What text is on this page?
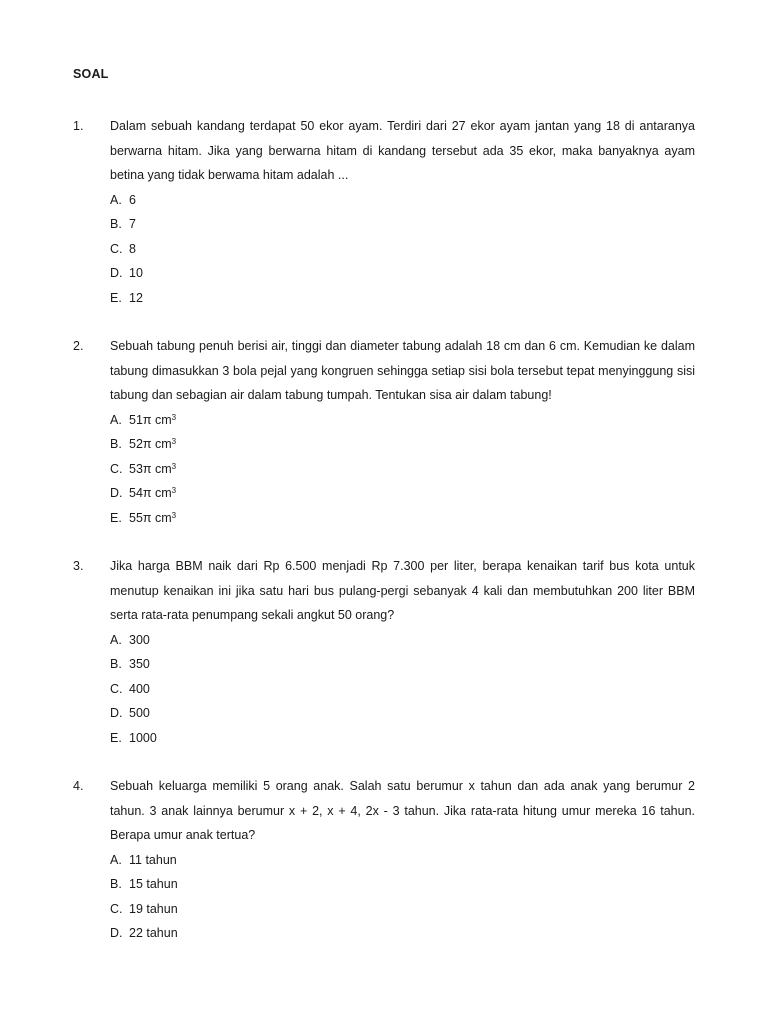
SOAL
1. Dalam sebuah kandang terdapat 50 ekor ayam. Terdiri dari 27 ekor ayam jantan yang 18 di antaranya berwarna hitam. Jika yang berwarna hitam di kandang tersebut ada 35 ekor, maka banyaknya ayam betina yang tidak berwama hitam adalah ...
A. 6
B. 7
C. 8
D. 10
E. 12
2. Sebuah tabung penuh berisi air, tinggi dan diameter tabung adalah 18 cm dan 6 cm. Kemudian ke dalam tabung dimasukkan 3 bola pejal yang kongruen sehingga setiap sisi bola tersebut tepat menyinggung sisi tabung dan sebagian air dalam tabung tumpah. Tentukan sisa air dalam tabung!
A. 51π $cm^3$
B. 52π $cm^3$
C. 53π $cm^3$
D. 54π $cm^3$
E. 55π $cm^3$
3. Jika harga BBM naik dari Rp 6.500 menjadi Rp 7.300 per liter, berapa kenaikan tarif bus kota untuk menutup kenaikan ini jika satu hari bus pulang-pergi sebanyak 4 kali dan membutuhkan 200 liter BBM serta rata-rata penumpang sekali angkut 50 orang?
A. 300
B. 350
C. 400
D. 500
E. 1000
4. Sebuah keluarga memiliki 5 orang anak. Salah satu berumur x tahun dan ada anak yang berumur 2 tahun. 3 anak lainnya berumur x + 2, x + 4, 2x - 3 tahun. Jika rata-rata hitung umur mereka 16 tahun. Berapa umur anak tertua?
A. 11 tahun
B. 15 tahun
C. 19 tahun
D. 22 tahun
